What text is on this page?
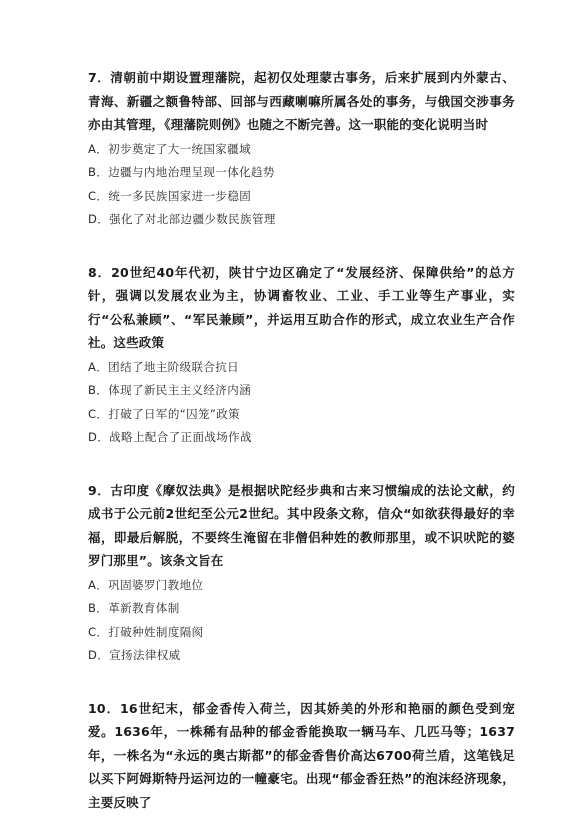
7．清朝前中期设置理藩院，起初仅处理蒙古事务，后来扩展到内外蒙古、青海、新疆之额鲁特部、回部与西藏喇嘛所属各处的事务，与俄国交涉事务亦由其管理，《理藩院则例》也随之不断完善。这一职能的变化说明当时

A．初步奠定了大一统国家疆域
B．边疆与内地治理呈现一体化趋势
C．统一多民族国家进一步稳固
D．强化了对北部边疆少数民族管理

8．20世纪40年代初，陕甘宁边区确定了“发展经济、保障供给”的总方针，强调以发展农业为主，协调畜牧业、工业、手工业等生产事业，实行“公私兼顾”、“军民兼顾”，并运用互助合作的形式，成立农业生产合作社。这些政策

A．团结了地主阶级联合抗日
B．体现了新民主主义经济内涵
C．打破了日军的“囚笼”政策
D．战略上配合了正面战场作战

9．古印度《摩奴法典》是根据吠陀经步典和古来习惯编成的法论文献，约成书于公元前2世纪至公元2世纪。其中段条文称，信众“如欲获得最好的幸福，即最后解脱，不要终生淹留在非僧侣种姓的教师那里，或不识吠陀的婆罗门那里”。该条文旨在

A．巩固婆罗门教地位
B．革新教育体制
C．打破种姓制度隔阂
D．宣扬法律权威

10．16世纪末，郁金香传入荷兰，因其娇美的外形和艳丽的颜色受到宠爱。1636年，一株稀有品种的郁金香能换取一辆马车、几匹马等；1637年，一株名为“永远的奥古斯都”的郁金香售价高达6700荷兰盾，这笔钱足以买下阿姆斯特丹运河边的一幢豪宅。出现“郁金香狂热”的泡沫经济现象，主要反映了
